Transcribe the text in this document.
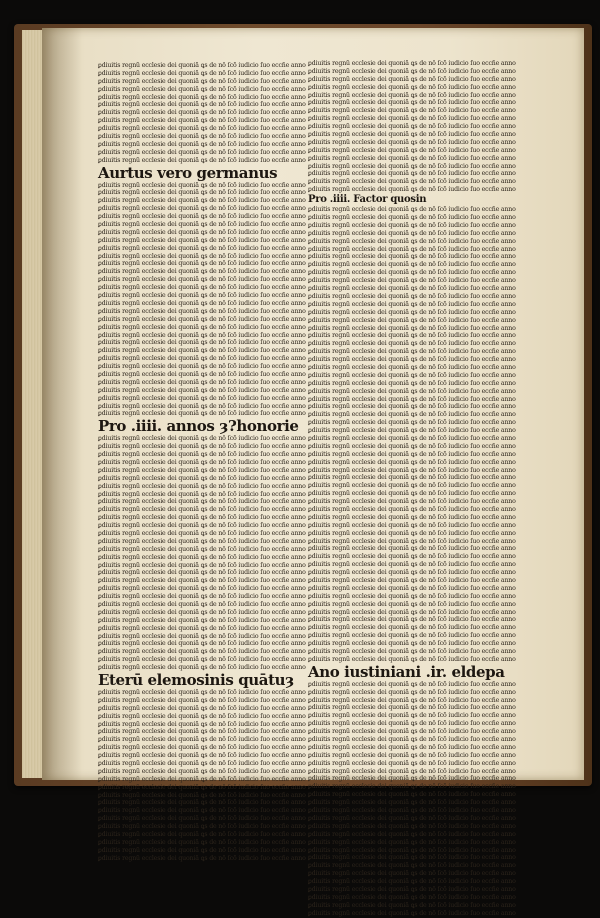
ꝑdiuitis regnũ ecclesie dei quoniã ꝗs de nō ſcõ iudicio ſuo eccñe anno
ꝑdiuitis regnũ ecclesie dei quoniã ꝗs de nō ſcõ iudicio ſuo eccñe anno
ꝑdiuitis regnũ ecclesie dei quoniã ꝗs de nō ſcõ iudicio ſuo eccñe anno
ꝑdiuitis regnũ ecclesie dei quoniã ꝗs de nō ſcõ iudicio ſuo eccñe anno
ꝑdiuitis regnũ ecclesie dei quoniã ꝗs de nō ſcõ iudicio ſuo eccñe anno
ꝑdiuitis regnũ ecclesie dei quoniã ꝗs de nō ſcõ iudicio ſuo eccñe anno
ꝑdiuitis regnũ ecclesie dei quoniã ꝗs de nō ſcõ iudicio ſuo eccñe anno
ꝑdiuitis regnũ ecclesie dei quoniã ꝗs de nō ſcõ iudicio ſuo eccñe anno
ꝑdiuitis regnũ ecclesie dei quoniã ꝗs de nō ſcõ iudicio ſuo eccñe anno
ꝑdiuitis regnũ ecclesie dei quoniã ꝗs de nō ſcõ iudicio ſuo eccñe anno
ꝑdiuitis regnũ ecclesie dei quoniã ꝗs de nō ſcõ iudicio ſuo eccñe anno
ꝑdiuitis regnũ ecclesie dei quoniã ꝗs de nō ſcõ iudicio ſuo eccñe anno
ꝑdiuitis regnũ ecclesie dei quoniã ꝗs de nō ſcõ iudicio ſuo eccñe anno
Aurtus vero germanus
ꝑdiuitis regnũ ecclesie dei quoniã ꝗs de nō ſcõ iudicio ſuo eccñe anno
ꝑdiuitis regnũ ecclesie dei quoniã ꝗs de nō ſcõ iudicio ſuo eccñe anno
ꝑdiuitis regnũ ecclesie dei quoniã ꝗs de nō ſcõ iudicio ſuo eccñe anno
ꝑdiuitis regnũ ecclesie dei quoniã ꝗs de nō ſcõ iudicio ſuo eccñe anno
ꝑdiuitis regnũ ecclesie dei quoniã ꝗs de nō ſcõ iudicio ſuo eccñe anno
ꝑdiuitis regnũ ecclesie dei quoniã ꝗs de nō ſcõ iudicio ſuo eccñe anno
ꝑdiuitis regnũ ecclesie dei quoniã ꝗs de nō ſcõ iudicio ſuo eccñe anno
ꝑdiuitis regnũ ecclesie dei quoniã ꝗs de nō ſcõ iudicio ſuo eccñe anno
ꝑdiuitis regnũ ecclesie dei quoniã ꝗs de nō ſcõ iudicio ſuo eccñe anno
ꝑdiuitis regnũ ecclesie dei quoniã ꝗs de nō ſcõ iudicio ſuo eccñe anno
ꝑdiuitis regnũ ecclesie dei quoniã ꝗs de nō ſcõ iudicio ſuo eccñe anno
ꝑdiuitis regnũ ecclesie dei quoniã ꝗs de nō ſcõ iudicio ſuo eccñe anno
ꝑdiuitis regnũ ecclesie dei quoniã ꝗs de nō ſcõ iudicio ſuo eccñe anno
ꝑdiuitis regnũ ecclesie dei quoniã ꝗs de nō ſcõ iudicio ſuo eccñe anno
ꝑdiuitis regnũ ecclesie dei quoniã ꝗs de nō ſcõ iudicio ſuo eccñe anno
ꝑdiuitis regnũ ecclesie dei quoniã ꝗs de nō ſcõ iudicio ſuo eccñe anno
ꝑdiuitis regnũ ecclesie dei quoniã ꝗs de nō ſcõ iudicio ſuo eccñe anno
ꝑdiuitis regnũ ecclesie dei quoniã ꝗs de nō ſcõ iudicio ſuo eccñe anno
ꝑdiuitis regnũ ecclesie dei quoniã ꝗs de nō ſcõ iudicio ſuo eccñe anno
ꝑdiuitis regnũ ecclesie dei quoniã ꝗs de nō ſcõ iudicio ſuo eccñe anno
ꝑdiuitis regnũ ecclesie dei quoniã ꝗs de nō ſcõ iudicio ſuo eccñe anno
ꝑdiuitis regnũ ecclesie dei quoniã ꝗs de nō ſcõ iudicio ſuo eccñe anno
ꝑdiuitis regnũ ecclesie dei quoniã ꝗs de nō ſcõ iudicio ſuo eccñe anno
ꝑdiuitis regnũ ecclesie dei quoniã ꝗs de nō ſcõ iudicio ſuo eccñe anno
ꝑdiuitis regnũ ecclesie dei quoniã ꝗs de nō ſcõ iudicio ſuo eccñe anno
ꝑdiuitis regnũ ecclesie dei quoniã ꝗs de nō ſcõ iudicio ſuo eccñe anno
ꝑdiuitis regnũ ecclesie dei quoniã ꝗs de nō ſcõ iudicio ſuo eccñe anno
ꝑdiuitis regnũ ecclesie dei quoniã ꝗs de nō ſcõ iudicio ſuo eccñe anno
ꝑdiuitis regnũ ecclesie dei quoniã ꝗs de nō ſcõ iudicio ſuo eccñe anno
ꝑdiuitis regnũ ecclesie dei quoniã ꝗs de nō ſcõ iudicio ſuo eccñe anno
Pro .iiii. annos ȝ?honorie
ꝑdiuitis regnũ ecclesie dei quoniã ꝗs de nō ſcõ iudicio ſuo eccñe anno
ꝑdiuitis regnũ ecclesie dei quoniã ꝗs de nō ſcõ iudicio ſuo eccñe anno
ꝑdiuitis regnũ ecclesie dei quoniã ꝗs de nō ſcõ iudicio ſuo eccñe anno
ꝑdiuitis regnũ ecclesie dei quoniã ꝗs de nō ſcõ iudicio ſuo eccñe anno
ꝑdiuitis regnũ ecclesie dei quoniã ꝗs de nō ſcõ iudicio ſuo eccñe anno
ꝑdiuitis regnũ ecclesie dei quoniã ꝗs de nō ſcõ iudicio ſuo eccñe anno
ꝑdiuitis regnũ ecclesie dei quoniã ꝗs de nō ſcõ iudicio ſuo eccñe anno
ꝑdiuitis regnũ ecclesie dei quoniã ꝗs de nō ſcõ iudicio ſuo eccñe anno
ꝑdiuitis regnũ ecclesie dei quoniã ꝗs de nō ſcõ iudicio ſuo eccñe anno
ꝑdiuitis regnũ ecclesie dei quoniã ꝗs de nō ſcõ iudicio ſuo eccñe anno
ꝑdiuitis regnũ ecclesie dei quoniã ꝗs de nō ſcõ iudicio ſuo eccñe anno
ꝑdiuitis regnũ ecclesie dei quoniã ꝗs de nō ſcõ iudicio ſuo eccñe anno
ꝑdiuitis regnũ ecclesie dei quoniã ꝗs de nō ſcõ iudicio ſuo eccñe anno
ꝑdiuitis regnũ ecclesie dei quoniã ꝗs de nō ſcõ iudicio ſuo eccñe anno
ꝑdiuitis regnũ ecclesie dei quoniã ꝗs de nō ſcõ iudicio ſuo eccñe anno
ꝑdiuitis regnũ ecclesie dei quoniã ꝗs de nō ſcõ iudicio ſuo eccñe anno
ꝑdiuitis regnũ ecclesie dei quoniã ꝗs de nō ſcõ iudicio ſuo eccñe anno
ꝑdiuitis regnũ ecclesie dei quoniã ꝗs de nō ſcõ iudicio ſuo eccñe anno
ꝑdiuitis regnũ ecclesie dei quoniã ꝗs de nō ſcõ iudicio ſuo eccñe anno
ꝑdiuitis regnũ ecclesie dei quoniã ꝗs de nō ſcõ iudicio ſuo eccñe anno
ꝑdiuitis regnũ ecclesie dei quoniã ꝗs de nō ſcõ iudicio ſuo eccñe anno
ꝑdiuitis regnũ ecclesie dei quoniã ꝗs de nō ſcõ iudicio ſuo eccñe anno
ꝑdiuitis regnũ ecclesie dei quoniã ꝗs de nō ſcõ iudicio ſuo eccñe anno
ꝑdiuitis regnũ ecclesie dei quoniã ꝗs de nō ſcõ iudicio ſuo eccñe anno
ꝑdiuitis regnũ ecclesie dei quoniã ꝗs de nō ſcõ iudicio ſuo eccñe anno
ꝑdiuitis regnũ ecclesie dei quoniã ꝗs de nō ſcõ iudicio ſuo eccñe anno
ꝑdiuitis regnũ ecclesie dei quoniã ꝗs de nō ſcõ iudicio ſuo eccñe anno
ꝑdiuitis regnũ ecclesie dei quoniã ꝗs de nō ſcõ iudicio ſuo eccñe anno
ꝑdiuitis regnũ ecclesie dei quoniã ꝗs de nō ſcõ iudicio ſuo eccñe anno
ꝑdiuitis regnũ ecclesie dei quoniã ꝗs de nō ſcõ iudicio ſuo eccñe anno
Eterū elemosinis quātuȝ
ꝑdiuitis regnũ ecclesie dei quoniã ꝗs de nō ſcõ iudicio ſuo eccñe anno
ꝑdiuitis regnũ ecclesie dei quoniã ꝗs de nō ſcõ iudicio ſuo eccñe anno
ꝑdiuitis regnũ ecclesie dei quoniã ꝗs de nō ſcõ iudicio ſuo eccñe anno
ꝑdiuitis regnũ ecclesie dei quoniã ꝗs de nō ſcõ iudicio ſuo eccñe anno
ꝑdiuitis regnũ ecclesie dei quoniã ꝗs de nō ſcõ iudicio ſuo eccñe anno
ꝑdiuitis regnũ ecclesie dei quoniã ꝗs de nō ſcõ iudicio ſuo eccñe anno
ꝑdiuitis regnũ ecclesie dei quoniã ꝗs de nō ſcõ iudicio ſuo eccñe anno
ꝑdiuitis regnũ ecclesie dei quoniã ꝗs de nō ſcõ iudicio ſuo eccñe anno
ꝑdiuitis regnũ ecclesie dei quoniã ꝗs de nō ſcõ iudicio ſuo eccñe anno
ꝑdiuitis regnũ ecclesie dei quoniã ꝗs de nō ſcõ iudicio ſuo eccñe anno
ꝑdiuitis regnũ ecclesie dei quoniã ꝗs de nō ſcõ iudicio ſuo eccñe anno
ꝑdiuitis regnũ ecclesie dei quoniã ꝗs de nō ſcõ iudicio ſuo eccñe anno
ꝑdiuitis regnũ ecclesie dei quoniã ꝗs de nō ſcõ iudicio ſuo eccñe anno
ꝑdiuitis regnũ ecclesie dei quoniã ꝗs de nō ſcõ iudicio ſuo eccñe anno
ꝑdiuitis regnũ ecclesie dei quoniã ꝗs de nō ſcõ iudicio ſuo eccñe anno
ꝑdiuitis regnũ ecclesie dei quoniã ꝗs de nō ſcõ iudicio ſuo eccñe anno
ꝑdiuitis regnũ ecclesie dei quoniã ꝗs de nō ſcõ iudicio ſuo eccñe anno
ꝑdiuitis regnũ ecclesie dei quoniã ꝗs de nō ſcõ iudicio ſuo eccñe anno
ꝑdiuitis regnũ ecclesie dei quoniã ꝗs de nō ſcõ iudicio ſuo eccñe anno
ꝑdiuitis regnũ ecclesie dei quoniã ꝗs de nō ſcõ iudicio ſuo eccñe anno
ꝑdiuitis regnũ ecclesie dei quoniã ꝗs de nō ſcõ iudicio ſuo eccñe anno
ꝑdiuitis regnũ ecclesie dei quoniã ꝗs de nō ſcõ iudicio ſuo eccñe anno
ꝑdiuitis regnũ ecclesie dei quoniã ꝗs de nō ſcõ iudicio ſuo eccñe anno
ꝑdiuitis regnũ ecclesie dei quoniã ꝗs de nō ſcõ iudicio ſuo eccñe anno
ꝑdiuitis regnũ ecclesie dei quoniã ꝗs de nō ſcõ iudicio ſuo eccñe anno
ꝑdiuitis regnũ ecclesie dei quoniã ꝗs de nō ſcõ iudicio ſuo eccñe anno
ꝑdiuitis regnũ ecclesie dei quoniã ꝗs de nō ſcõ iudicio ſuo eccñe anno
ꝑdiuitis regnũ ecclesie dei quoniã ꝗs de nō ſcõ iudicio ſuo eccñe anno
ꝑdiuitis regnũ ecclesie dei quoniã ꝗs de nō ſcõ iudicio ſuo eccñe anno
ꝑdiuitis regnũ ecclesie dei quoniã ꝗs de nō ſcõ iudicio ſuo eccñe anno
ꝑdiuitis regnũ ecclesie dei quoniã ꝗs de nō ſcõ iudicio ſuo eccñe anno
ꝑdiuitis regnũ ecclesie dei quoniã ꝗs de nō ſcõ iudicio ſuo eccñe anno
ꝑdiuitis regnũ ecclesie dei quoniã ꝗs de nō ſcõ iudicio ſuo eccñe anno
ꝑdiuitis regnũ ecclesie dei quoniã ꝗs de nō ſcõ iudicio ſuo eccñe anno
ꝑdiuitis regnũ ecclesie dei quoniã ꝗs de nō ſcõ iudicio ſuo eccñe anno
ꝑdiuitis regnũ ecclesie dei quoniã ꝗs de nō ſcõ iudicio ſuo eccñe anno
ꝑdiuitis regnũ ecclesie dei quoniã ꝗs de nō ſcõ iudicio ſuo eccñe anno
ꝑdiuitis regnũ ecclesie dei quoniã ꝗs de nō ſcõ iudicio ſuo eccñe anno
ꝑdiuitis regnũ ecclesie dei quoniã ꝗs de nō ſcõ iudicio ſuo eccñe anno
Pro .iiii. Factor quosin
ꝑdiuitis regnũ ecclesie dei quoniã ꝗs de nō ſcõ iudicio ſuo eccñe anno
ꝑdiuitis regnũ ecclesie dei quoniã ꝗs de nō ſcõ iudicio ſuo eccñe anno
ꝑdiuitis regnũ ecclesie dei quoniã ꝗs de nō ſcõ iudicio ſuo eccñe anno
ꝑdiuitis regnũ ecclesie dei quoniã ꝗs de nō ſcõ iudicio ſuo eccñe anno
ꝑdiuitis regnũ ecclesie dei quoniã ꝗs de nō ſcõ iudicio ſuo eccñe anno
ꝑdiuitis regnũ ecclesie dei quoniã ꝗs de nō ſcõ iudicio ſuo eccñe anno
ꝑdiuitis regnũ ecclesie dei quoniã ꝗs de nō ſcõ iudicio ſuo eccñe anno
ꝑdiuitis regnũ ecclesie dei quoniã ꝗs de nō ſcõ iudicio ſuo eccñe anno
ꝑdiuitis regnũ ecclesie dei quoniã ꝗs de nō ſcõ iudicio ſuo eccñe anno
ꝑdiuitis regnũ ecclesie dei quoniã ꝗs de nō ſcõ iudicio ſuo eccñe anno
ꝑdiuitis regnũ ecclesie dei quoniã ꝗs de nō ſcõ iudicio ſuo eccñe anno
ꝑdiuitis regnũ ecclesie dei quoniã ꝗs de nō ſcõ iudicio ſuo eccñe anno
ꝑdiuitis regnũ ecclesie dei quoniã ꝗs de nō ſcõ iudicio ſuo eccñe anno
ꝑdiuitis regnũ ecclesie dei quoniã ꝗs de nō ſcõ iudicio ſuo eccñe anno
ꝑdiuitis regnũ ecclesie dei quoniã ꝗs de nō ſcõ iudicio ſuo eccñe anno
ꝑdiuitis regnũ ecclesie dei quoniã ꝗs de nō ſcõ iudicio ſuo eccñe anno
ꝑdiuitis regnũ ecclesie dei quoniã ꝗs de nō ſcõ iudicio ſuo eccñe anno
ꝑdiuitis regnũ ecclesie dei quoniã ꝗs de nō ſcõ iudicio ſuo eccñe anno
ꝑdiuitis regnũ ecclesie dei quoniã ꝗs de nō ſcõ iudicio ſuo eccñe anno
ꝑdiuitis regnũ ecclesie dei quoniã ꝗs de nō ſcõ iudicio ſuo eccñe anno
ꝑdiuitis regnũ ecclesie dei quoniã ꝗs de nō ſcõ iudicio ſuo eccñe anno
ꝑdiuitis regnũ ecclesie dei quoniã ꝗs de nō ſcõ iudicio ſuo eccñe anno
ꝑdiuitis regnũ ecclesie dei quoniã ꝗs de nō ſcõ iudicio ſuo eccñe anno
ꝑdiuitis regnũ ecclesie dei quoniã ꝗs de nō ſcõ iudicio ſuo eccñe anno
ꝑdiuitis regnũ ecclesie dei quoniã ꝗs de nō ſcõ iudicio ſuo eccñe anno
ꝑdiuitis regnũ ecclesie dei quoniã ꝗs de nō ſcõ iudicio ſuo eccñe anno
ꝑdiuitis regnũ ecclesie dei quoniã ꝗs de nō ſcõ iudicio ſuo eccñe anno
ꝑdiuitis regnũ ecclesie dei quoniã ꝗs de nō ſcõ iudicio ſuo eccñe anno
ꝑdiuitis regnũ ecclesie dei quoniã ꝗs de nō ſcõ iudicio ſuo eccñe anno
ꝑdiuitis regnũ ecclesie dei quoniã ꝗs de nō ſcõ iudicio ſuo eccñe anno
ꝑdiuitis regnũ ecclesie dei quoniã ꝗs de nō ſcõ iudicio ſuo eccñe anno
ꝑdiuitis regnũ ecclesie dei quoniã ꝗs de nō ſcõ iudicio ſuo eccñe anno
ꝑdiuitis regnũ ecclesie dei quoniã ꝗs de nō ſcõ iudicio ſuo eccñe anno
ꝑdiuitis regnũ ecclesie dei quoniã ꝗs de nō ſcõ iudicio ſuo eccñe anno
ꝑdiuitis regnũ ecclesie dei quoniã ꝗs de nō ſcõ iudicio ſuo eccñe anno
ꝑdiuitis regnũ ecclesie dei quoniã ꝗs de nō ſcõ iudicio ſuo eccñe anno
ꝑdiuitis regnũ ecclesie dei quoniã ꝗs de nō ſcõ iudicio ſuo eccñe anno
ꝑdiuitis regnũ ecclesie dei quoniã ꝗs de nō ſcõ iudicio ſuo eccñe anno
ꝑdiuitis regnũ ecclesie dei quoniã ꝗs de nō ſcõ iudicio ſuo eccñe anno
ꝑdiuitis regnũ ecclesie dei quoniã ꝗs de nō ſcõ iudicio ſuo eccñe anno
ꝑdiuitis regnũ ecclesie dei quoniã ꝗs de nō ſcõ iudicio ſuo eccñe anno
ꝑdiuitis regnũ ecclesie dei quoniã ꝗs de nō ſcõ iudicio ſuo eccñe anno
ꝑdiuitis regnũ ecclesie dei quoniã ꝗs de nō ſcõ iudicio ſuo eccñe anno
ꝑdiuitis regnũ ecclesie dei quoniã ꝗs de nō ſcõ iudicio ſuo eccñe anno
ꝑdiuitis regnũ ecclesie dei quoniã ꝗs de nō ſcõ iudicio ſuo eccñe anno
ꝑdiuitis regnũ ecclesie dei quoniã ꝗs de nō ſcõ iudicio ſuo eccñe anno
ꝑdiuitis regnũ ecclesie dei quoniã ꝗs de nō ſcõ iudicio ſuo eccñe anno
ꝑdiuitis regnũ ecclesie dei quoniã ꝗs de nō ſcõ iudicio ſuo eccñe anno
ꝑdiuitis regnũ ecclesie dei quoniã ꝗs de nō ſcõ iudicio ſuo eccñe anno
ꝑdiuitis regnũ ecclesie dei quoniã ꝗs de nō ſcõ iudicio ſuo eccñe anno
ꝑdiuitis regnũ ecclesie dei quoniã ꝗs de nō ſcõ iudicio ſuo eccñe anno
ꝑdiuitis regnũ ecclesie dei quoniã ꝗs de nō ſcõ iudicio ſuo eccñe anno
ꝑdiuitis regnũ ecclesie dei quoniã ꝗs de nō ſcõ iudicio ſuo eccñe anno
ꝑdiuitis regnũ ecclesie dei quoniã ꝗs de nō ſcõ iudicio ſuo eccñe anno
ꝑdiuitis regnũ ecclesie dei quoniã ꝗs de nō ſcõ iudicio ſuo eccñe anno
ꝑdiuitis regnũ ecclesie dei quoniã ꝗs de nō ſcõ iudicio ſuo eccñe anno
ꝑdiuitis regnũ ecclesie dei quoniã ꝗs de nō ſcõ iudicio ſuo eccñe anno
ꝑdiuitis regnũ ecclesie dei quoniã ꝗs de nō ſcõ iudicio ſuo eccñe anno
Ano iustiniani .ir. eldepa
ꝑdiuitis regnũ ecclesie dei quoniã ꝗs de nō ſcõ iudicio ſuo eccñe anno
ꝑdiuitis regnũ ecclesie dei quoniã ꝗs de nō ſcõ iudicio ſuo eccñe anno
ꝑdiuitis regnũ ecclesie dei quoniã ꝗs de nō ſcõ iudicio ſuo eccñe anno
ꝑdiuitis regnũ ecclesie dei quoniã ꝗs de nō ſcõ iudicio ſuo eccñe anno
ꝑdiuitis regnũ ecclesie dei quoniã ꝗs de nō ſcõ iudicio ſuo eccñe anno
ꝑdiuitis regnũ ecclesie dei quoniã ꝗs de nō ſcõ iudicio ſuo eccñe anno
ꝑdiuitis regnũ ecclesie dei quoniã ꝗs de nō ſcõ iudicio ſuo eccñe anno
ꝑdiuitis regnũ ecclesie dei quoniã ꝗs de nō ſcõ iudicio ſuo eccñe anno
ꝑdiuitis regnũ ecclesie dei quoniã ꝗs de nō ſcõ iudicio ſuo eccñe anno
ꝑdiuitis regnũ ecclesie dei quoniã ꝗs de nō ſcõ iudicio ſuo eccñe anno
ꝑdiuitis regnũ ecclesie dei quoniã ꝗs de nō ſcõ iudicio ſuo eccñe anno
ꝑdiuitis regnũ ecclesie dei quoniã ꝗs de nō ſcõ iudicio ſuo eccñe anno
ꝑdiuitis regnũ ecclesie dei quoniã ꝗs de nō ſcõ iudicio ſuo eccñe anno
ꝑdiuitis regnũ ecclesie dei quoniã ꝗs de nō ſcõ iudicio ſuo eccñe anno
ꝑdiuitis regnũ ecclesie dei quoniã ꝗs de nō ſcõ iudicio ſuo eccñe anno
ꝑdiuitis regnũ ecclesie dei quoniã ꝗs de nō ſcõ iudicio ſuo eccñe anno
ꝑdiuitis regnũ ecclesie dei quoniã ꝗs de nō ſcõ iudicio ſuo eccñe anno
ꝑdiuitis regnũ ecclesie dei quoniã ꝗs de nō ſcõ iudicio ſuo eccñe anno
ꝑdiuitis regnũ ecclesie dei quoniã ꝗs de nō ſcõ iudicio ſuo eccñe anno
ꝑdiuitis regnũ ecclesie dei quoniã ꝗs de nō ſcõ iudicio ſuo eccñe anno
ꝑdiuitis regnũ ecclesie dei quoniã ꝗs de nō ſcõ iudicio ſuo eccñe anno
ꝑdiuitis regnũ ecclesie dei quoniã ꝗs de nō ſcõ iudicio ſuo eccñe anno
ꝑdiuitis regnũ ecclesie dei quoniã ꝗs de nō ſcõ iudicio ſuo eccñe anno
ꝑdiuitis regnũ ecclesie dei quoniã ꝗs de nō ſcõ iudicio ſuo eccñe anno
ꝑdiuitis regnũ ecclesie dei quoniã ꝗs de nō ſcõ iudicio ſuo eccñe anno
ꝑdiuitis regnũ ecclesie dei quoniã ꝗs de nō ſcõ iudicio ſuo eccñe anno
ꝑdiuitis regnũ ecclesie dei quoniã ꝗs de nō ſcõ iudicio ſuo eccñe anno
ꝑdiuitis regnũ ecclesie dei quoniã ꝗs de nō ſcõ iudicio ſuo eccñe anno
ꝑdiuitis regnũ ecclesie dei quoniã ꝗs de nō ſcõ iudicio ſuo eccñe anno
ꝑdiuitis regnũ ecclesie dei quoniã ꝗs de nō ſcõ iudicio ſuo eccñe anno
